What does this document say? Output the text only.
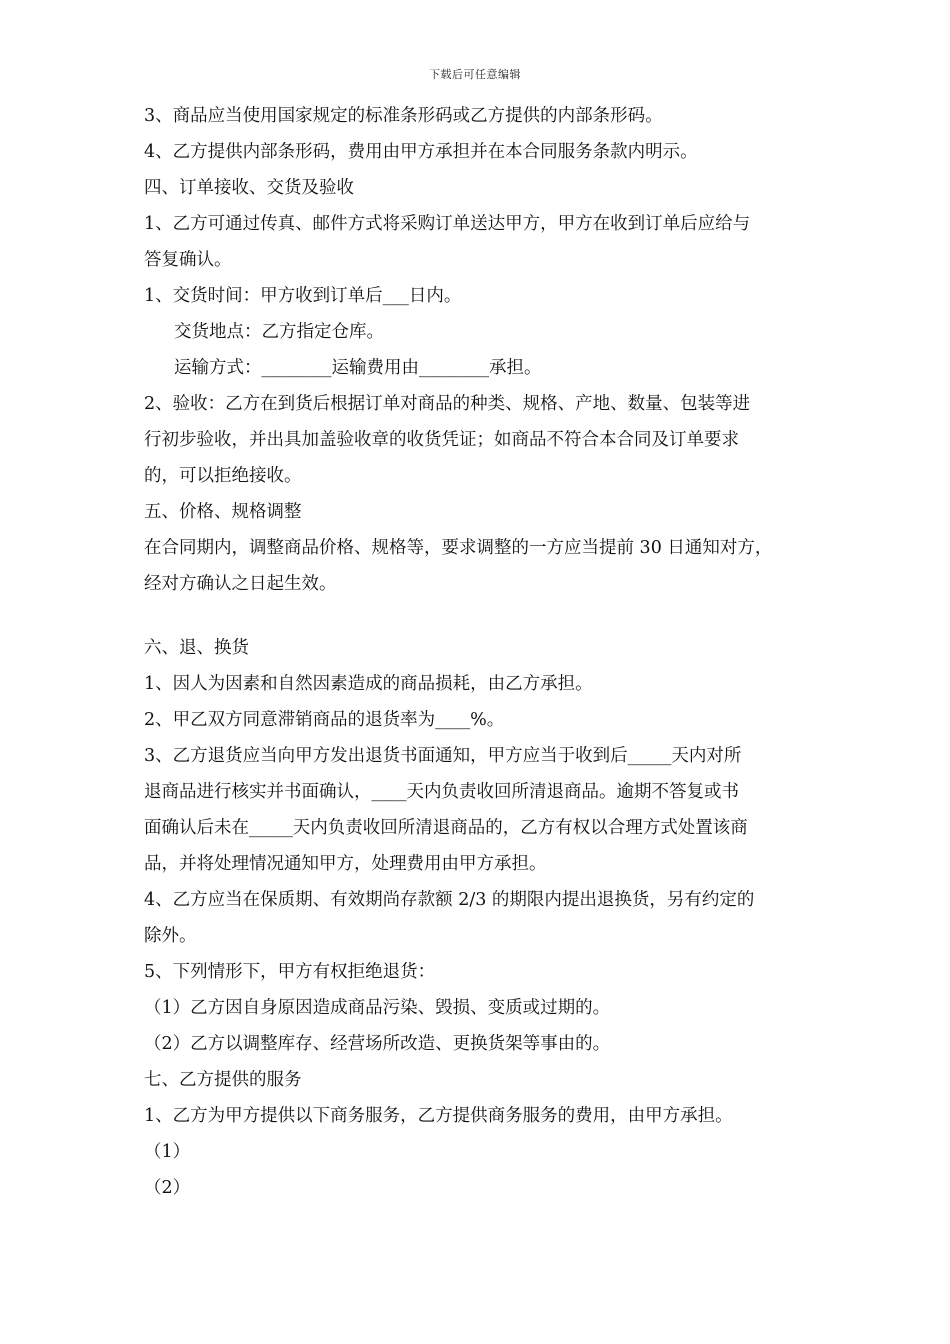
下载后可任意编辑
3、商品应当使用国家规定的标准条形码或乙方提供的内部条形码。
4、乙方提供内部条形码，费用由甲方承担并在本合同服务条款内明示。
四、订单接收、交货及验收
1、乙方可通过传真、邮件方式将采购订单送达甲方，甲方在收到订单后应给与
答复确认。
1、交货时间：甲方收到订单后___日内。
交货地点：乙方指定仓库。
运输方式：________运输费用由________承担。
2、验收：乙方在到货后根据订单对商品的种类、规格、产地、数量、包装等进
行初步验收，并出具加盖验收章的收货凭证；如商品不符合本合同及订单要求
的，可以拒绝接收。
五、价格、规格调整
在合同期内，调整商品价格、规格等，要求调整的一方应当提前 30 日通知对方，
经对方确认之日起生效。
六、退、换货
1、因人为因素和自然因素造成的商品损耗，由乙方承担。
2、甲乙双方同意滞销商品的退货率为____%。
3、乙方退货应当向甲方发出退货书面通知，甲方应当于收到后_____天内对所
退商品进行核实并书面确认，____天内负责收回所清退商品。逾期不答复或书
面确认后未在_____天内负责收回所清退商品的，乙方有权以合理方式处置该商
品，并将处理情况通知甲方，处理费用由甲方承担。
4、乙方应当在保质期、有效期尚存款额 2/3 的期限内提出退换货，另有约定的
除外。
5、下列情形下，甲方有权拒绝退货：
（1）乙方因自身原因造成商品污染、毁损、变质或过期的。
（2）乙方以调整库存、经营场所改造、更换货架等事由的。
七、乙方提供的服务
1、乙方为甲方提供以下商务服务，乙方提供商务服务的费用，由甲方承担。
（1）
（2）
